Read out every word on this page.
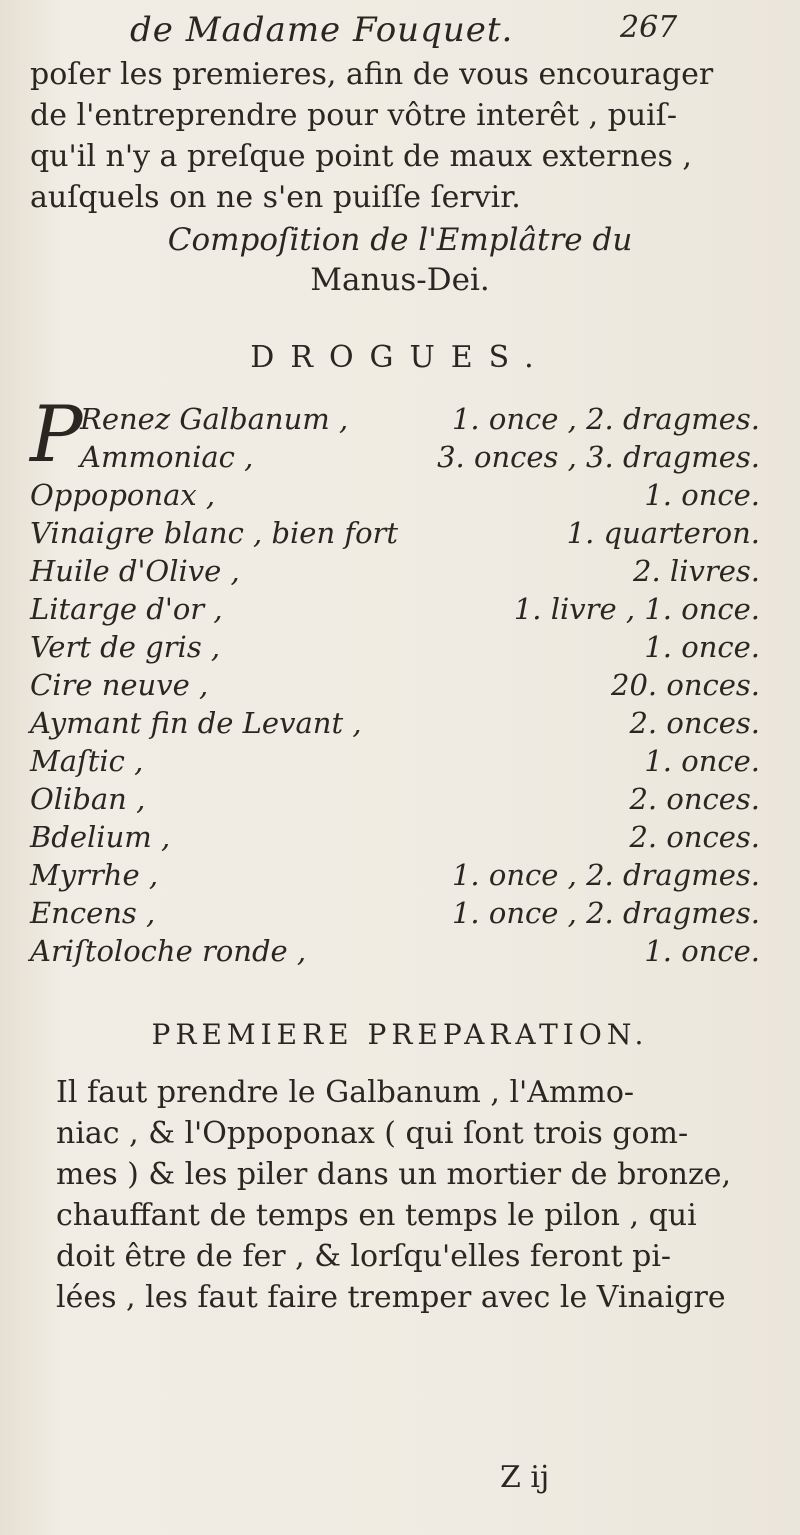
de Madame Fouquet.	267
poſer les premieres, afin de vous encourager
de l'entreprendre pour vôtre interêt , puiſ-
qu'il n'y a preſque point de maux externes ,
auſquels on ne s'en puiſſe ſervir.
Compoſition de l'Emplâtre du
Manus-Dei.
DROGUES.
P
Renez Galbanum ,	1. once , 2. dragmes.
Ammoniac ,	3. onces , 3. dragmes.
Oppoponax ,	1. once.
Vinaigre blanc , bien fort	1. quarteron.
Huile d'Olive ,	2. livres.
Litarge d'or ,	1. livre , 1. once.
Vert de gris ,	1. once.
Cire neuve ,	20. onces.
Aymant fin de Levant ,	2. onces.
Maſtic ,	1. once.
Oliban ,	2. onces.
Bdelium ,	2. onces.
Myrrhe ,	1. once , 2. dragmes.
Encens ,	1. once , 2. dragmes.
Ariſtoloche ronde ,	1. once.
PREMIERE PREPARATION.
Il faut prendre le Galbanum , l'Ammo-
niac , & l'Oppoponax ( qui ſont trois gom-
mes ) & les piler dans un mortier de bronze,
chauffant de temps en temps le pilon , qui
doit être de fer , & lorſqu'elles feront pi-
lées , les faut faire tremper avec le Vinaigre
Z ij
